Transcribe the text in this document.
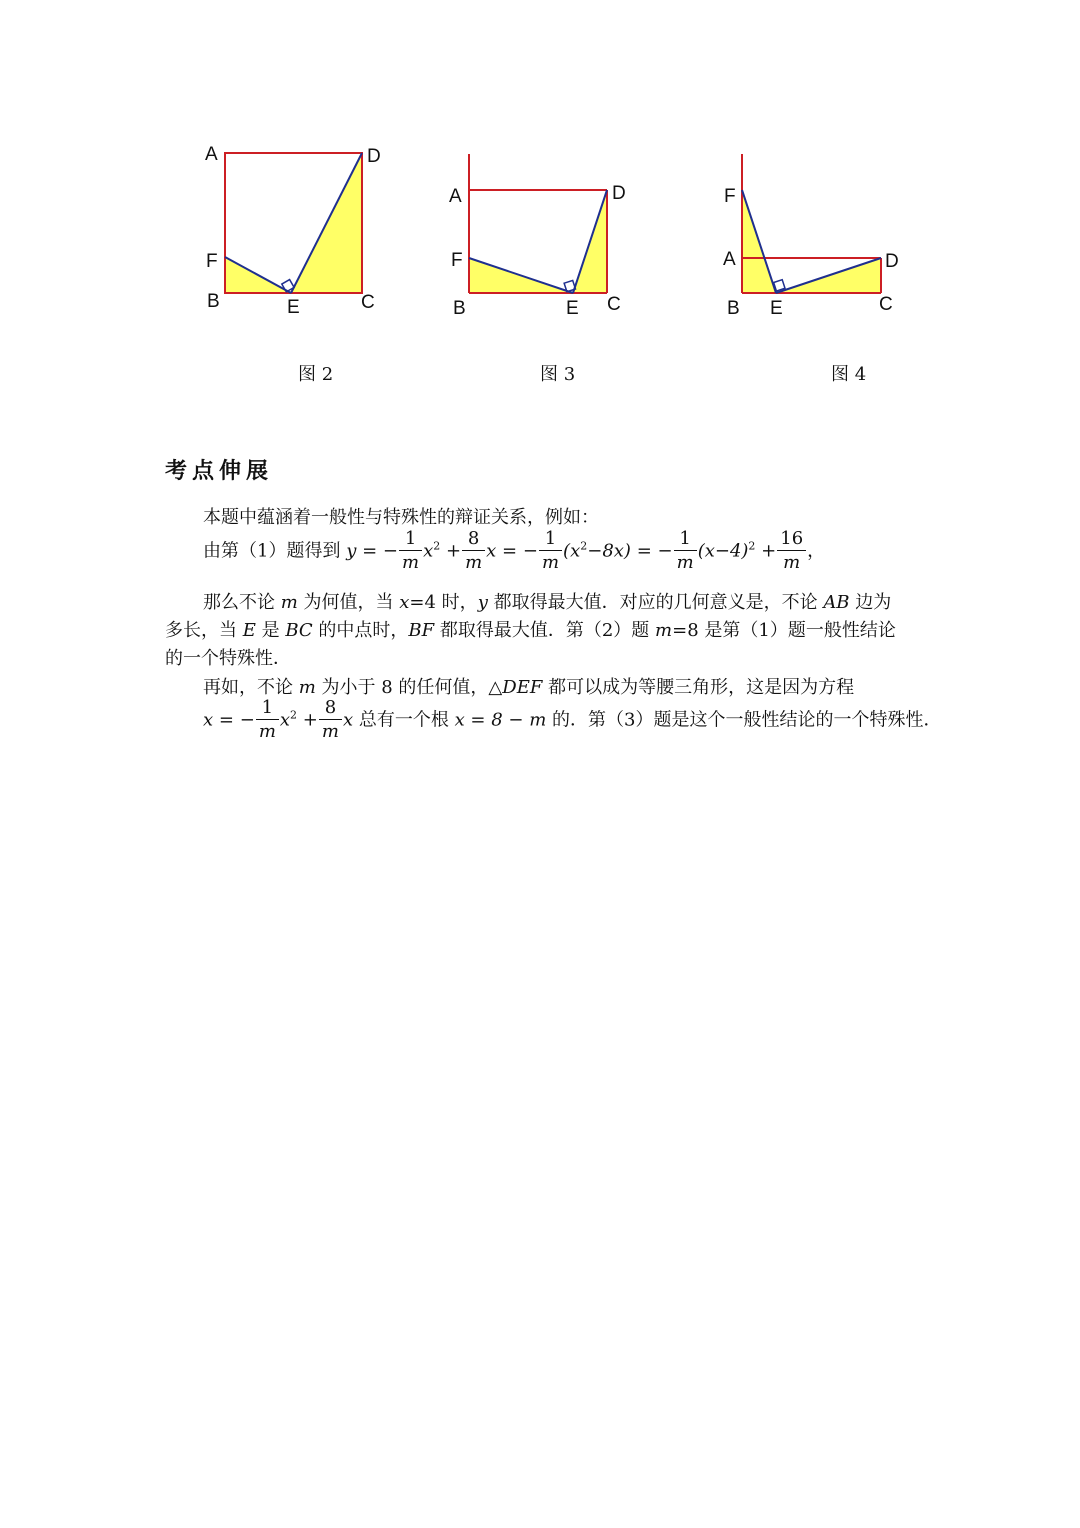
A	D
F
B	E	C
图 2
A	D
F
B	E C
图 3
F
A	D
B E	C
图 4
考点伸展
本题中蕴涵着一般性与特殊性的辩证关系，例如：
由第（1）题得到 y = − $\frac{1}{m} x^2 + \frac{8}{m}$ x = − $\frac{1}{m} (x^2-8x)$ = − $\frac{1}{m} (x-4)^2 + \frac{16}{m}$ ，
那么不论 m 为何值，当 x=4 时，y 都取得最大值．对应的几何意义是，不论 AB 边为
多长，当 E 是 BC 的中点时，BF 都取得最大值．第（2）题 m=8 是第（1）题一般性结论
的一个特殊性．
再如，不论 m 为小于 8 的任何值，△DEF 都可以成为等腰三角形，这是因为方程
x = − $\frac{1}{m} x^2 + \frac{8}{m}$ x 总有一个根 x = 8 − m 的．第（3）题是这个一般性结论的一个特殊性．
